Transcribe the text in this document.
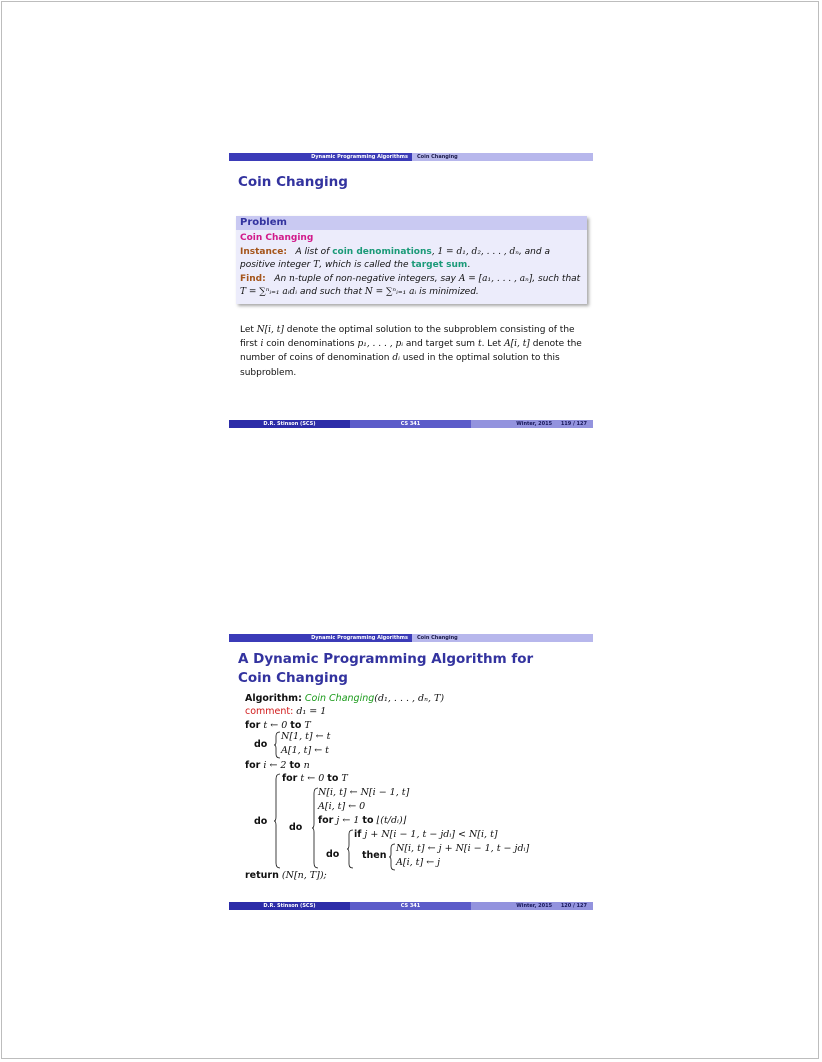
Dynamic Programming Algorithms	Coin Changing
Coin Changing
Problem
Coin Changing
Instance: A list of coin denominations, 1 = d₁, d₂, . . . , dₙ, and a positive integer T, which is called the target sum.
Find: An n-tuple of non-negative integers, say A = [a₁, . . . , aₙ], such that T = ∑ⁿᵢ₌₁ aᵢdᵢ and such that N = ∑ⁿᵢ₌₁ aᵢ is minimized.
Let N[i, t] denote the optimal solution to the subproblem consisting of the first i coin denominations p₁, . . . , pᵢ and target sum t. Let A[i, t] denote the number of coins of denomination dᵢ used in the optimal solution to this subproblem.
D.R. Stinson (SCS)	CS 341	Winter, 2015 119 / 127
Dynamic Programming Algorithms	Coin Changing
A Dynamic Programming Algorithm for Coin Changing
Algorithm: Coin Changing(d₁, . . . , dₙ, T)
comment: d₁ = 1
for t ← 0 to T
do
N[1, t] ← t
A[1, t] ← t
for i ← 2 to n
do
for t ← 0 to T
do
N[i, t] ← N[i − 1, t]
A[i, t] ← 0
for j ← 1 to ⌊(t/dᵢ)⌋
do
if j + N[i − 1, t − jdᵢ] < N[i, t]
then
N[i, t] ← j + N[i − 1, t − jdᵢ]
A[i, t] ← j
return (N[n, T]);
D.R. Stinson (SCS)	CS 341	Winter, 2015 120 / 127
